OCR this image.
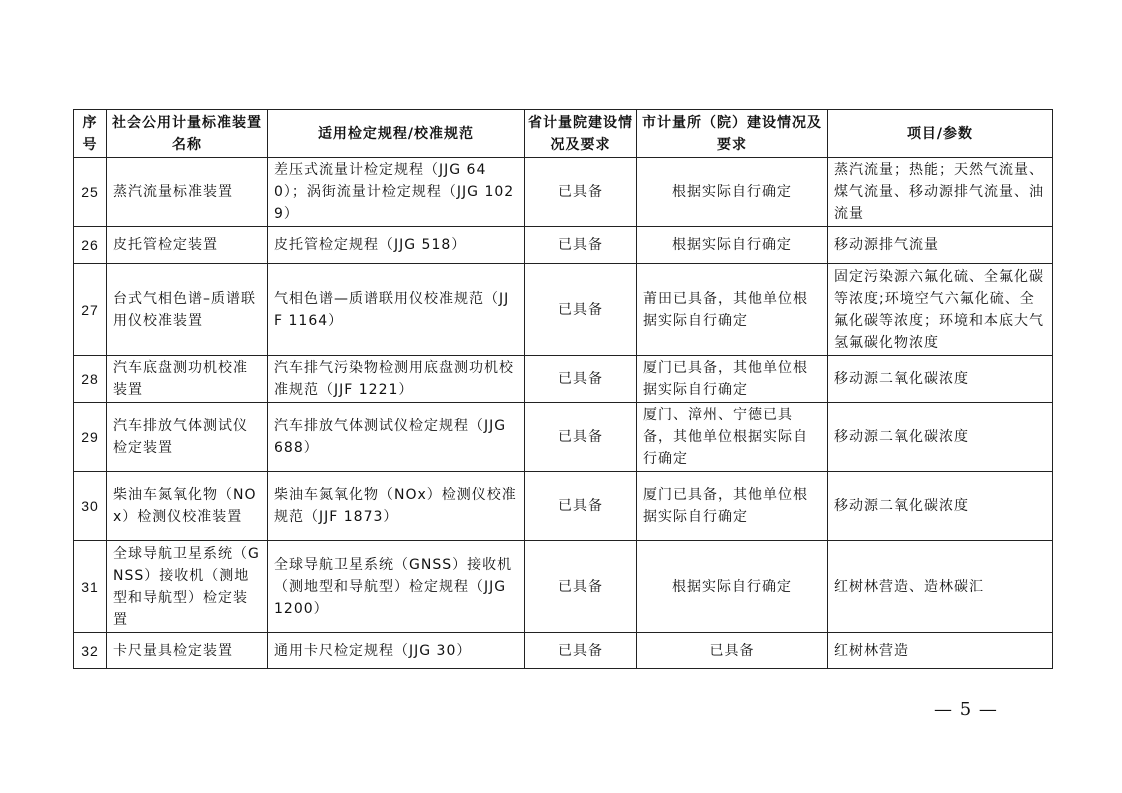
序号	社会公用计量标准装置名称	适用检定规程/校准规范	省计量院建设情况及要求	市计量所（院）建设情况及要求	项目/参数
25	蒸汽流量标准装置	差压式流量计检定规程（JJG 640）；涡街流量计检定规程（JJG 1029）	已具备	根据实际自行确定	蒸汽流量；热能；天然气流量、煤气流量、移动源排气流量、油流量
26	皮托管检定装置	皮托管检定规程（JJG 518）	已具备	根据实际自行确定	移动源排气流量
27	台式气相色谱–质谱联用仪校准装置	气相色谱—质谱联用仪校准规范（JJF 1164）	已具备	莆田已具备，其他单位根据实际自行确定	固定污染源六氟化硫、全氟化碳等浓度;环境空气六氟化硫、全氟化碳等浓度；环境和本底大气氢氟碳化物浓度
28	汽车底盘测功机校准装置	汽车排气污染物检测用底盘测功机校准规范（JJF 1221）	已具备	厦门已具备，其他单位根据实际自行确定	移动源二氧化碳浓度
29	汽车排放气体测试仪检定装置	汽车排放气体测试仪检定规程（JJG 688）	已具备	厦门、漳州、宁德已具备，其他单位根据实际自行确定	移动源二氧化碳浓度
30	柴油车氮氧化物（NOx）检测仪校准装置	柴油车氮氧化物（NOx）检测仪校准规范（JJF 1873）	已具备	厦门已具备，其他单位根据实际自行确定	移动源二氧化碳浓度
31	全球导航卫星系统（GNSS）接收机（测地型和导航型）检定装置	全球导航卫星系统（GNSS）接收机（测地型和导航型）检定规程（JJG 1200）	已具备	根据实际自行确定	红树林营造、造林碳汇
32	卡尺量具检定装置	通用卡尺检定规程（JJG 30）	已具备	已具备	红树林营造
— 5 —
